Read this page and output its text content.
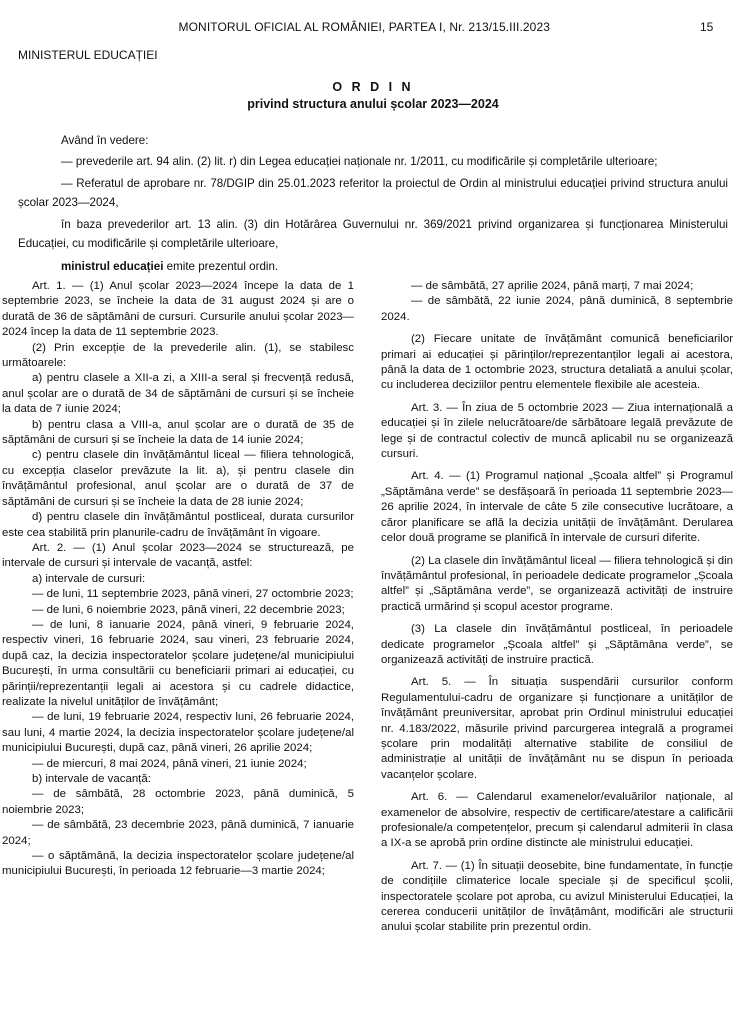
MONITORUL OFICIAL AL ROMÂNIEI, PARTEA I, Nr. 213/15.III.2023	15
MINISTERUL EDUCAȚIEI
O R D I N
privind structura anului școlar 2023—2024

Având în vedere:

— prevederile art. 94 alin. (2) lit. r) din Legea educației naționale nr. 1/2011, cu modificările și completările ulterioare;

— Referatul de aprobare nr. 78/DGIP din 25.01.2023 referitor la proiectul de Ordin al ministrului educației privind structura anului școlar 2023—2024,

în baza prevederilor art. 13 alin. (3) din Hotărârea Guvernului nr. 369/2021 privind organizarea și funcționarea Ministerului Educației, cu modificările și completările ulterioare,

ministrul educației emite prezentul ordin.

Art. 1. — (1) Anul școlar 2023—2024 începe la data de 1 septembrie 2023, se încheie la data de 31 august 2024 și are o durată de 36 de săptămâni de cursuri. Cursurile anului școlar 2023—2024 încep la data de 11 septembrie 2023.

(2) Prin excepție de la prevederile alin. (1), se stabilesc următoarele:

a) pentru clasele a XII-a zi, a XIII-a seral și frecvență redusă, anul școlar are o durată de 34 de săptămâni de cursuri și se încheie la data de 7 iunie 2024;

b) pentru clasa a VIII-a, anul școlar are o durată de 35 de săptămâni de cursuri și se încheie la data de 14 iunie 2024;

c) pentru clasele din învățământul liceal — filiera tehnologică, cu excepția claselor prevăzute la lit. a), și pentru clasele din învățământul profesional, anul școlar are o durată de 37 de săptămâni de cursuri și se încheie la data de 28 iunie 2024;

d) pentru clasele din învățământul postliceal, durata cursurilor este cea stabilită prin planurile-cadru de învățământ în vigoare.

Art. 2. — (1) Anul școlar 2023—2024 se structurează, pe intervale de cursuri și intervale de vacanță, astfel:

a) intervale de cursuri:

— de luni, 11 septembrie 2023, până vineri, 27 octombrie 2023;

— de luni, 6 noiembrie 2023, până vineri, 22 decembrie 2023;

— de luni, 8 ianuarie 2024, până vineri, 9 februarie 2024, respectiv vineri, 16 februarie 2024, sau vineri, 23 februarie 2024, după caz, la decizia inspectoratelor școlare județene/al municipiului București, în urma consultării cu beneficiarii primari ai educației, cu părinții/reprezentanții legali ai acestora și cu cadrele didactice, realizate la nivelul unităților de învățământ;

— de luni, 19 februarie 2024, respectiv luni, 26 februarie 2024, sau luni, 4 martie 2024, la decizia inspectoratelor școlare județene/al municipiului București, după caz, până vineri, 26 aprilie 2024;

— de miercuri, 8 mai 2024, până vineri, 21 iunie 2024;

b) intervale de vacanță:

— de sâmbătă, 28 octombrie 2023, până duminică, 5 noiembrie 2023;

— de sâmbătă, 23 decembrie 2023, până duminică, 7 ianuarie 2024;

— o săptămână, la decizia inspectoratelor școlare județene/al municipiului București, în perioada 12 februarie—3 martie 2024;

— de sâmbătă, 27 aprilie 2024, până marți, 7 mai 2024;

— de sâmbătă, 22 iunie 2024, până duminică, 8 septembrie 2024.

(2) Fiecare unitate de învățământ comunică beneficiarilor primari ai educației și părinților/reprezentanților legali ai acestora, până la data de 1 octombrie 2023, structura detaliată a anului școlar, cu includerea deciziilor pentru elementele flexibile ale acesteia.

Art. 3. — În ziua de 5 octombrie 2023 — Ziua internațională a educației și în zilele nelucrătoare/de sărbătoare legală prevăzute de lege și de contractul colectiv de muncă aplicabil nu se organizează cursuri.

Art. 4. — (1) Programul național „Școala altfel” și Programul „Săptămâna verde” se desfășoară în perioada 11 septembrie 2023—26 aprilie 2024, în intervale de câte 5 zile consecutive lucrătoare, a căror planificare se află la decizia unității de învățământ. Derularea celor două programe se planifică în intervale de cursuri diferite.

(2) La clasele din învățământul liceal — filiera tehnologică și din învățământul profesional, în perioadele dedicate programelor „Școala altfel” și „Săptămâna verde”, se organizează activități de instruire practică urmărind și scopul acestor programe.

(3) La clasele din învățământul postliceal, în perioadele dedicate programelor „Școala altfel” și „Săptămâna verde”, se organizează activități de instruire practică.

Art. 5. — În situația suspendării cursurilor conform Regulamentului-cadru de organizare și funcționare a unităților de învățământ preuniversitar, aprobat prin Ordinul ministrului educației nr. 4.183/2022, măsurile privind parcurgerea integrală a programei școlare prin modalități alternative stabilite de consiliul de administrație al unității de învățământ nu se dispun în perioada vacanțelor școlare.

Art. 6. — Calendarul examenelor/evaluărilor naționale, al examenelor de absolvire, respectiv de certificare/atestare a calificării profesionale/a competențelor, precum și calendarul admiterii în clasa a IX-a se aprobă prin ordine distincte ale ministrului educației.

Art. 7. — (1) În situații deosebite, bine fundamentate, în funcție de condițiile climaterice locale speciale și de specificul școlii, inspectoratele școlare pot aproba, cu avizul Ministerului Educației, la cererea conducerii unităților de învățământ, modificări ale structurii anului școlar stabilite prin prezentul ordin.
